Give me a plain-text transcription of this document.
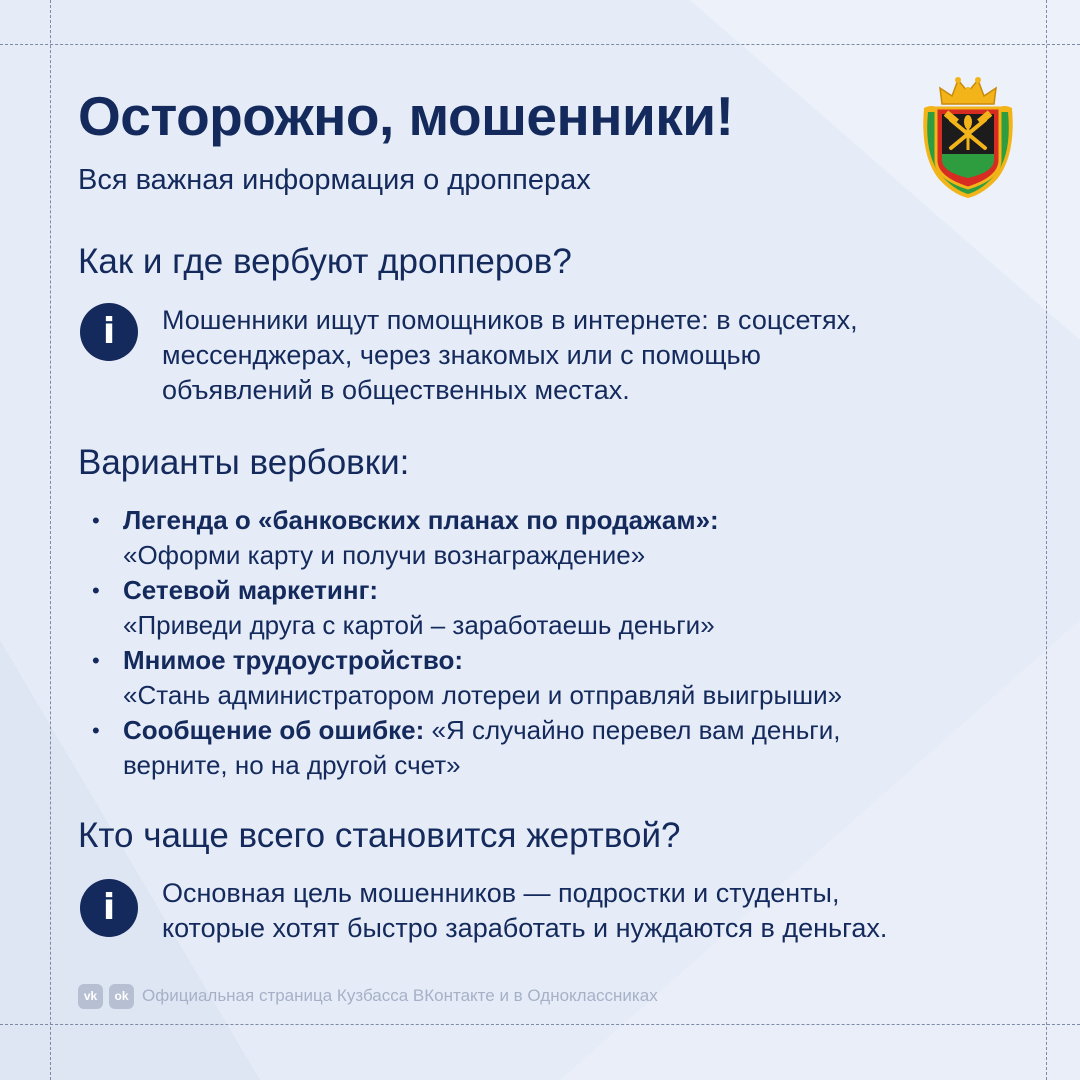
Осторожно, мошенники!
Вся важная информация о дропперах
Как и где вербуют дропперов?
i	Мошенники ищут помощников в интернете: в соцсетях,
мессенджерах, через знакомых или с помощью
объявлений в общественных местах.
Варианты вербовки:
• Легенда о «банковских планах по продажам»:
«Оформи карту и получи вознаграждение»
• Сетевой маркетинг:
«Приведи друга с картой – заработаешь деньги»
• Мнимое трудоустройство:
«Стань администратором лотереи и отправляй выигрыши»
• Сообщение об ошибке: «Я случайно перевел вам деньги,
верните, но на другой счет»
Кто чаще всего становится жертвой?
i	Основная цель мошенников — подростки и студенты,
которые хотят быстро заработать и нуждаются в деньгах.
vk	ok Официальная страница Кузбасса ВКонтакте и в Одноклассниках
